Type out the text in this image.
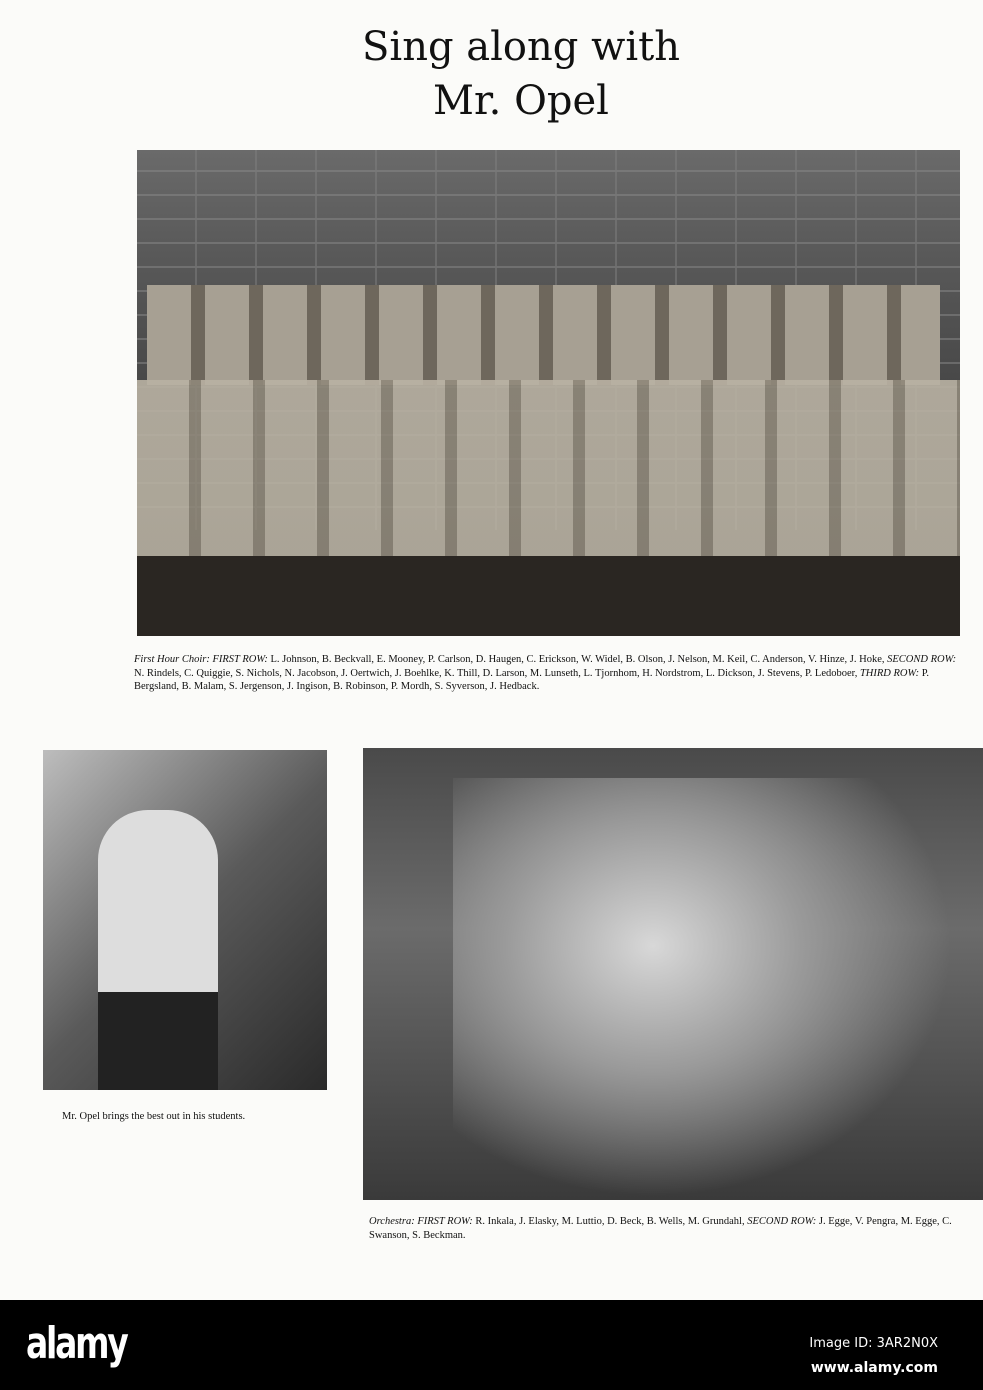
Sing along with
Mr. Opel
First Hour Choir: FIRST ROW: L. Johnson, B. Beckvall, E. Mooney, P. Carlson, D. Haugen, C. Erickson, W. Widel, B. Olson, J. Nelson, M. Keil, C. Anderson, V. Hinze, J. Hoke, SECOND ROW: N. Rindels, C. Quiggie, S. Nichols, N. Jacobson, J. Oertwich, J. Boehlke, K. Thill, D. Larson, M. Lunseth, L. Tjornhom, H. Nordstrom, L. Dickson, J. Stevens, P. Ledoboer, THIRD ROW: P. Bergsland, B. Malam, S. Jergenson, J. Ingison, B. Robinson, P. Mordh, S. Syverson, J. Hedback.
Mr. Opel brings the best out in his students.
Orchestra: FIRST ROW: R. Inkala, J. Elasky, M. Luttio, D. Beck, B. Wells, M. Grundahl, SECOND ROW: J. Egge, V. Pengra, M. Egge, C. Swanson, S. Beckman.
alamy	Image ID: 3AR2N0X
www.alamy.com
